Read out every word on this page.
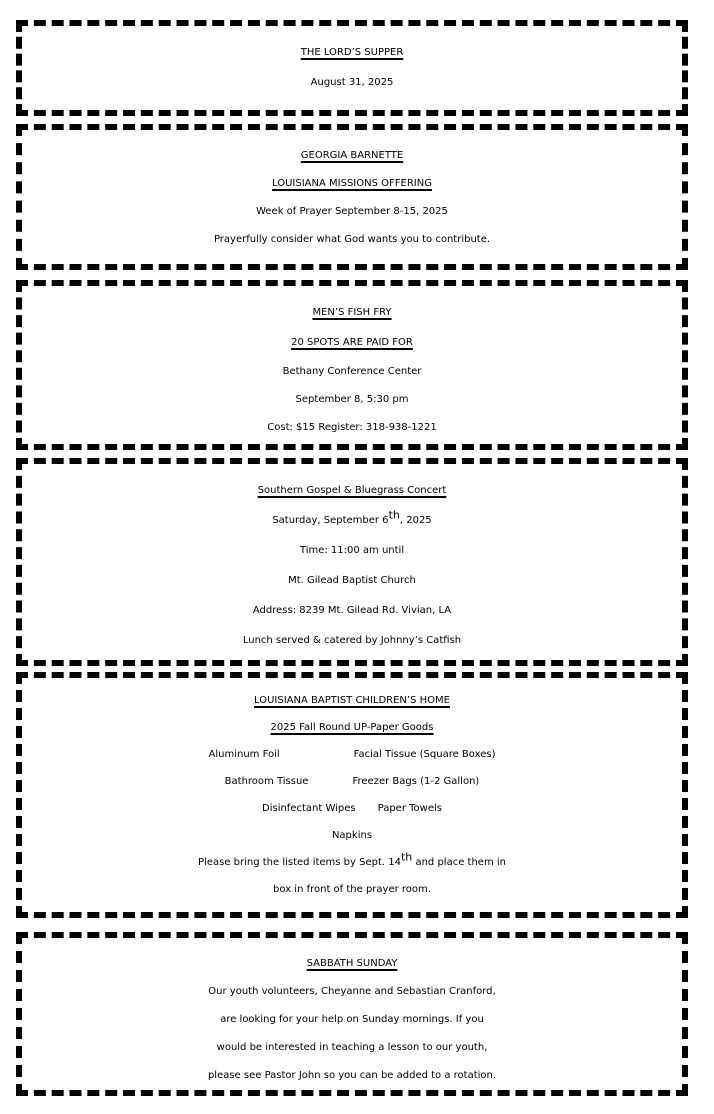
THE LORD’S SUPPER
August 31, 2025
GEORGIA BARNETTE
LOUISIANA MISSIONS OFFERING
Week of Prayer September 8-15, 2025
Prayerfully consider what God wants you to contribute.
MEN’S FISH FRY
20 SPOTS ARE PAID FOR
Bethany Conference Center
September 8, 5:30 pm
Cost: $15 Register: 318-938-1221
Southern Gospel & Bluegrass Concert
Saturday, September 6th, 2025
Time: 11:00 am until
Mt. Gilead Baptist Church
Address: 8239 Mt. Gilead Rd. Vivian, LA
Lunch served & catered by Johnny’s Catfish
LOUISIANA BAPTIST CHILDREN’S HOME
2025 Fall Round UP-Paper Goods
Aluminum Foil	Facial Tissue (Square Boxes)
Bathroom Tissue	Freezer Bags (1-2 Gallon)
Disinfectant Wipes Paper Towels
Napkins
Please bring the listed items by Sept. 14th and place them in
box in front of the prayer room.
SABBATH SUNDAY
Our youth volunteers, Cheyanne and Sebastian Cranford,
are looking for your help on Sunday mornings. If you
would be interested in teaching a lesson to our youth,
please see Pastor John so you can be added to a rotation.
